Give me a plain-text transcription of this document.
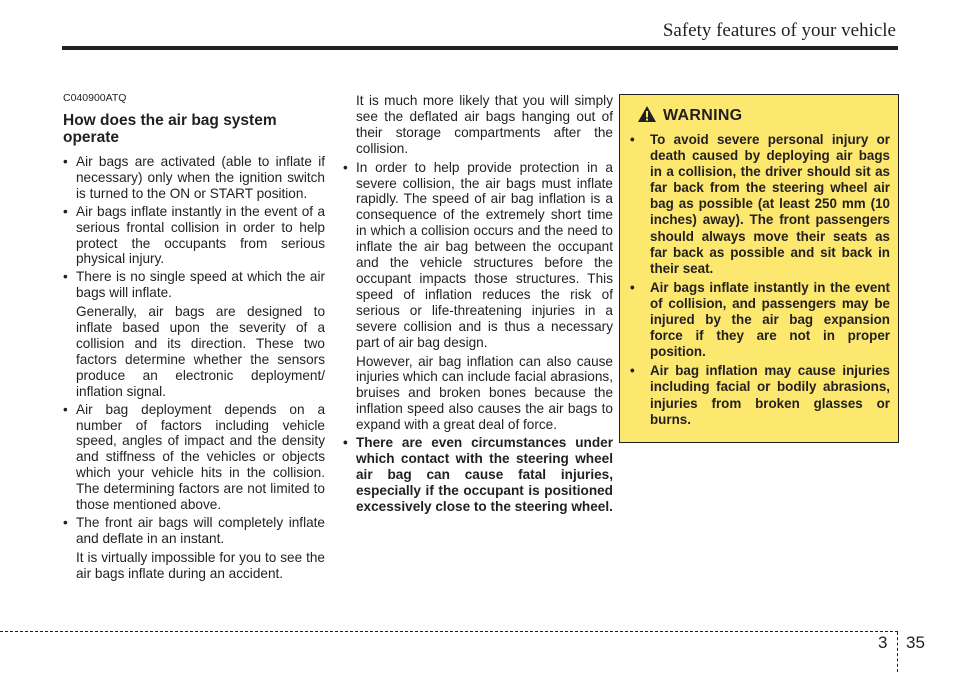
Safety features of your vehicle
C040900ATQ
How does the air bag system operate
• Air bags are activated (able to inflate if necessary) only when the ignition switch is turned to the ON or START position.
• Air bags inflate instantly in the event of a serious frontal collision in order to help protect the occupants from serious physical injury.
• There is no single speed at which the air bags will inflate.
Generally, air bags are designed to inflate based upon the severity of a collision and its direction. These two factors determine whether the sensors produce an electronic deployment/ inflation signal.
• Air bag deployment depends on a number of factors including vehicle speed, angles of impact and the density and stiffness of the vehicles or objects which your vehicle hits in the collision. The determining factors are not limited to those mentioned above.
• The front air bags will completely inflate and deflate in an instant.
It is virtually impossible for you to see the air bags inflate during an accident.
It is much more likely that you will simply see the deflated air bags hanging out of their storage compartments after the collision.
• In order to help provide protection in a severe collision, the air bags must inflate rapidly. The speed of air bag inflation is a consequence of the extremely short time in which a collision occurs and the need to inflate the air bag between the occupant and the vehicle structures before the occupant impacts those structures. This speed of inflation reduces the risk of serious or life-threatening injuries in a severe collision and is thus a necessary part of air bag design.
However, air bag inflation can also cause injuries which can include facial abrasions, bruises and broken bones because the inflation speed also causes the air bags to expand with a great deal of force.
• There are even circumstances under which contact with the steering wheel air bag can cause fatal injuries, especially if the occupant is positioned excessively close to the steering wheel.
WARNING
• To avoid severe personal injury or death caused by deploying air bags in a collision, the driver should sit as far back from the steering wheel air bag as possible (at least 250 mm (10 inches) away). The front passengers should always move their seats as far back as possible and sit back in their seat.
• Air bags inflate instantly in the event of collision, and passengers may be injured by the air bag expansion force if they are not in proper position.
• Air bag inflation may cause injuries including facial or bodily abrasions, injuries from broken glasses or burns.
3 35
